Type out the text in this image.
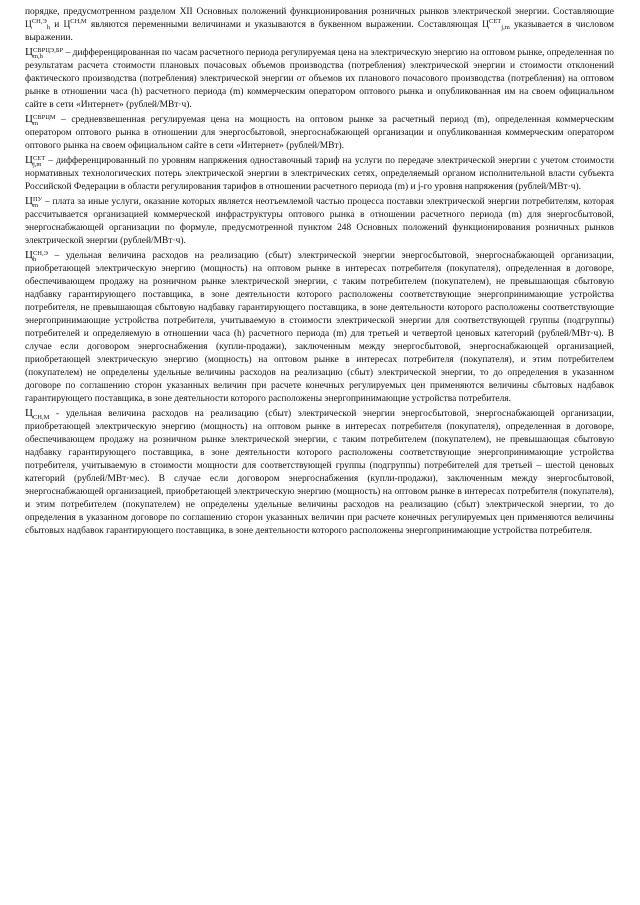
порядке, предусмотренном разделом XII Основных положений функционирования розничных рынков электрической энергии. Составляющие $Ц^{СН,Э}_h$ и $Ц^{СН,М}$ являются переменными величинами и указываются в буквенном выражении. Составляющая $Ц^{СЕТ}_{j,m}$ указывается в числовом выражении.

Ц СВРЦЭ,БР
m,h	– дифференцированная по часам расчетного периода регулируемая цена на электрическую энергию на оптовом рынке, определенная по результатам расчета стоимости плановых почасовых объемов производства (потребления) электрической энергии и стоимости отклонений фактического производства (потребления) электрической энергии от объемов их планового почасового производства (потребления) на оптовом рынке в отношении часа (h) расчетного периода (m) коммерческим оператором оптового рынка и опубликованная им на своем официальном сайте в сети «Интернет» (рублей/МВт·ч).

Ц СВРЦМ
m	– средневзвешенная регулируемая цена на мощность на оптовом рынке за расчетный период (m), определенная коммерческим оператором оптового рынка в отношении для энергосбытовой, энергоснабжающей организации и опубликованная коммерческим оператором оптового рынка на своем официальном сайте в сети «Интернет» (рублей/МВт).

Ц СЕТ
j,m – дифференцированный по уровням напряжения одноставочный тариф на услуги по передаче электрической энергии с учетом стоимости нормативных технологических потерь электрической энергии в электрических сетях, определяемый органом исполнительной власти субъекта Российской Федерации в области регулирования тарифов в отношении расчетного периода (m) и j-го уровня напряжения (рублей/МВт·ч).

Ц ПУ
m – плата за иные услуги, оказание которых является неотъемлемой частью процесса поставки электрической энергии потребителям, которая рассчитывается организацией коммерческой инфраструктуры оптового рынка в отношении расчетного периода (m) для энергосбытовой, энергоснабжающей организации по формуле, предусмотренной пунктом 248 Основных положений функционирования розничных рынков электрической энергии (рублей/МВт·ч).

Ц СН,Э
h	– удельная величина расходов на реализацию (сбыт) электрической энергии энергосбытовой, энергоснабжающей организации, приобретающей электрическую энергию (мощность) на оптовом рынке в интересах потребителя (покупателя), определенная в договоре, обеспечивающем продажу на розничном рынке электрической энергии, с таким потребителем (покупателем), не превышающая сбытовую надбавку гарантирующего поставщика, в зоне деятельности которого расположены соответствующие энергопринимающие устройства потребителя, не превышающая сбытовую надбавку гарантирующего поставщика, в зоне деятельности которого расположены соответствующие энергопринимающие устройства потребителя, учитываемую в стоимости электрической энергии для соответствующей группы (подгруппы) потребителей и определяемую в отношении часа (h) расчетного периода (m) для третьей и четвертой ценовых категорий (рублей/МВт·ч). В случае если договором энергоснабжения (купли-продажи), заключенным между энергосбытовой, энергоснабжающей организацией, приобретающей электрическую энергию (мощность) на оптовом рынке в интересах потребителя (покупателя), и этим потребителем (покупателем) не определены удельные величины расходов на реализацию (сбыт) электрической энергии, то до определения в указанном договоре по соглашению сторон указанных величин при расчете конечных регулируемых цен применяются величины сбытовых надбавок гарантирующего поставщика, в зоне деятельности которого расположены энергопринимающие устройства потребителя.

Ц СН,М - удельная величина расходов на реализацию (сбыт) электрической энергии энергосбытовой, энергоснабжающей организации, приобретающей электрическую энергию (мощность) на оптовом рынке в интересах потребителя (покупателя), определенная в договоре, обеспечивающем продажу на розничном рынке электрической энергии, с таким потребителем (покупателем), не превышающая сбытовую надбавку гарантирующего поставщика, в зоне деятельности которого расположены соответствующие энергопринимающие устройства потребителя, учитываемую в стоимости мощности для соответствующей группы (подгруппы) потребителей для третьей – шестой ценовых категорий (рублей/МВт·мес). В случае если договором энергоснабжения (купли-продажи), заключенным между энергосбытовой, энергоснабжающей организацией, приобретающей электрическую энергию (мощность) на оптовом рынке в интересах потребителя (покупателя), и этим потребителем (покупателем) не определены удельные величины расходов на реализацию (сбыт) электрической энергии, то до определения в указанном договоре по соглашению сторон указанных величин при расчете конечных регулируемых цен применяются величины сбытовых надбавок гарантирующего поставщика, в зоне деятельности которого расположены энергопринимающие устройства потребителя.
